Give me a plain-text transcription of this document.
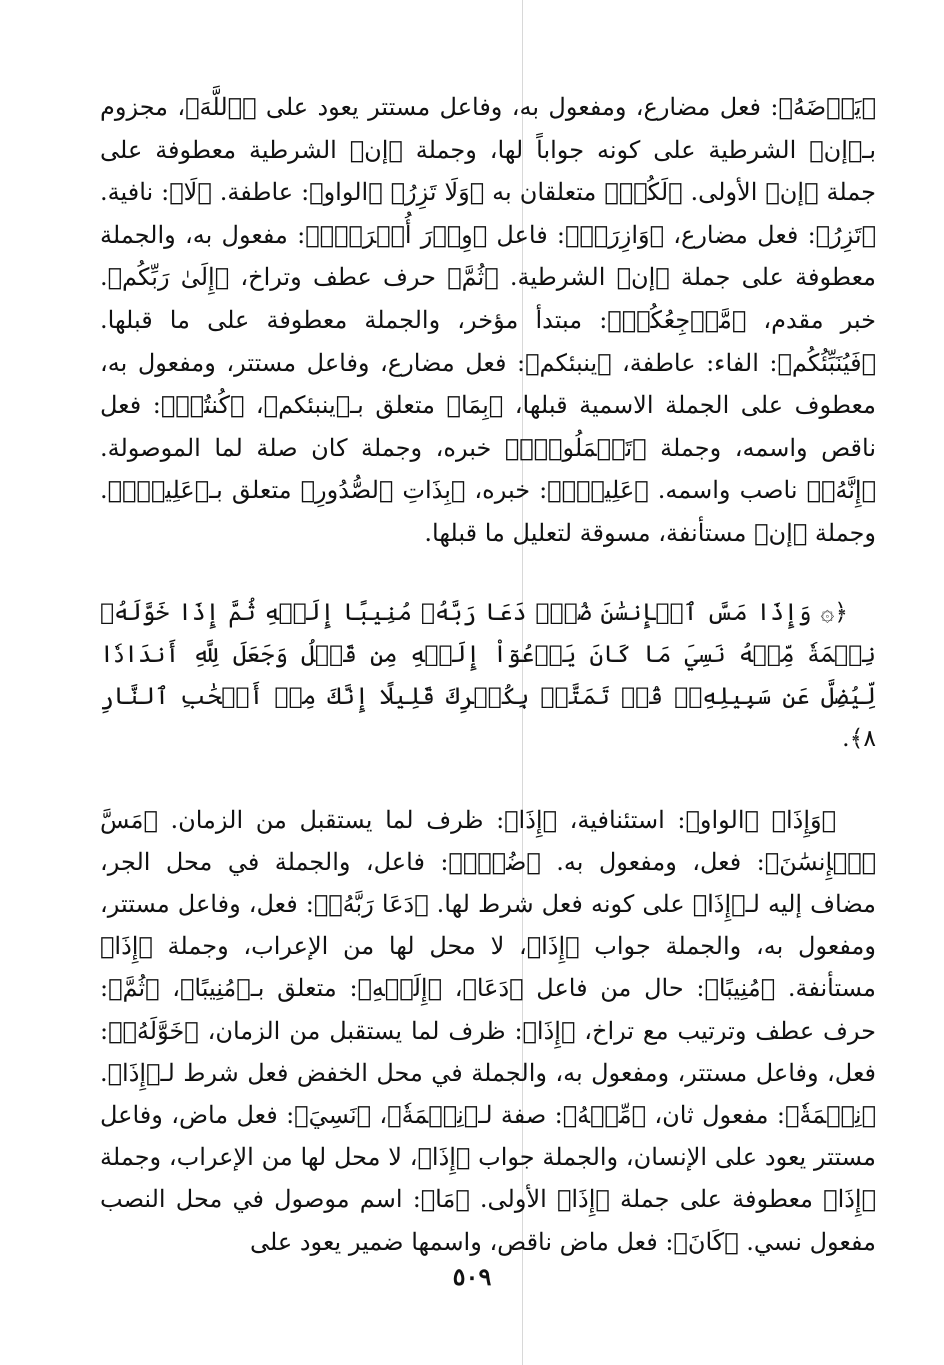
﴿يَرۡضَهُ﴾: فعل مضارع، ومفعول به، وفاعل مستتر يعود على ﴿ٱللَّهَ﴾، مجزوم بـ﴿إن﴾ الشرطية على كونه جواباً لها، وجملة ﴿إن﴾ الشرطية معطوفة على جملة ﴿إن﴾ الأولى. ﴿لَكُمۡ﴾ متعلقان به ﴿وَلَا تَزِرُ﴾ ﴿الواو﴾: عاطفة. ﴿لَا﴾: نافية. ﴿تَزِرُ﴾: فعل مضارع، ﴿وَازِرَةٞ﴾: فاعل ﴿وِزۡرَ أُخۡرَىٰۗ﴾: مفعول به، والجملة معطوفة على جملة ﴿إن﴾ الشرطية. ﴿ثُمَّ﴾ حرف عطف وتراخ، ﴿إِلَىٰ رَبِّكُم﴾. خبر مقدم، ﴿مَّرۡجِعُكُمۡ﴾: مبتدأ مؤخر، والجملة معطوفة على ما قبلها. ﴿فَيُنَبِّئُكُم﴾: الفاء: عاطفة، ﴿ينبئكم﴾: فعل مضارع، وفاعل مستتر، ومفعول به، معطوف على الجملة الاسمية قبلها، ﴿بِمَا﴾ متعلق بـ﴿ينبئكم﴾، ﴿كُنتُمۡ﴾: فعل ناقص واسمه، وجملة ﴿تَعۡمَلُونَۚ﴾ خبره، وجملة كان صلة لما الموصولة. ﴿إِنَّهُۥ﴾ ناصب واسمه. ﴿عَلِيمُۢ﴾: خبره، ﴿بِذَاتِ ٱلصُّدُورِ﴾ متعلق بـ﴿عَلِيمُۢ﴾. وجملة ﴿إن﴾ مستأنفة، مسوقة لتعليل ما قبلها.

﴿۞ وَإِذَا مَسَّ ٱلۡإِنسَٰنَ ضُرّٞ دَعَا رَبَّهُۥ مُنِيبًا إِلَيۡهِ ثُمَّ إِذَا خَوَّلَهُۥ نِعۡمَةٗ مِّنۡهُ نَسِيَ مَا كَانَ يَدۡعُوٓاْ إِلَيۡهِ مِن قَبۡلُ وَجَعَلَ لِلَّهِ أَندَادٗا لِّيُضِلَّ عَن سَبِيلِهِۦۚ قُلۡ تَمَتَّعۡ بِكُفۡرِكَ قَلِيلًا إِنَّكَ مِنۡ أَصۡحَٰبِ ٱلنَّارِ ٨﴾.

﴿وَإِذَا﴾ ﴿الواو﴾: استئنافية، ﴿إِذَا﴾: ظرف لما يستقبل من الزمان. ﴿مَسَّ ٱلۡإِنسَٰنَ﴾: فعل، ومفعول به. ﴿ضُرّٞ﴾: فاعل، والجملة في محل الجر، مضاف إليه لـ﴿إِذَا﴾ على كونه فعل شرط لها. ﴿دَعَا رَبَّهُۥ﴾: فعل، وفاعل مستتر، ومفعول به، والجملة جواب ﴿إِذَا﴾، لا محل لها من الإعراب، وجملة ﴿إِذَا﴾ مستأنفة. ﴿مُنِيبًا﴾: حال من فاعل ﴿دَعَا﴾، ﴿إِلَيۡهِ﴾: متعلق بـ﴿مُنِيبًا﴾، ﴿ثُمَّ﴾: حرف عطف وترتيب مع تراخ، ﴿إِذَا﴾: ظرف لما يستقبل من الزمان، ﴿خَوَّلَهُۥ﴾: فعل، وفاعل مستتر، ومفعول به، والجملة في محل الخفض فعل شرط لـ﴿إِذَا﴾. ﴿نِعۡمَةٗ﴾: مفعول ثان، ﴿مِّنۡهُ﴾: صفة لـ﴿نِعۡمَةٗ﴾، ﴿نَسِيَ﴾: فعل ماض، وفاعل مستتر يعود على الإنسان، والجملة جواب ﴿إِذَا﴾، لا محل لها من الإعراب، وجملة ﴿إِذَا﴾ معطوفة على جملة ﴿إِذَا﴾ الأولى. ﴿مَا﴾: اسم موصول في محل النصب مفعول نسي. ﴿كَانَ﴾: فعل ماض ناقص، واسمها ضمير يعود على

٥٠٩
